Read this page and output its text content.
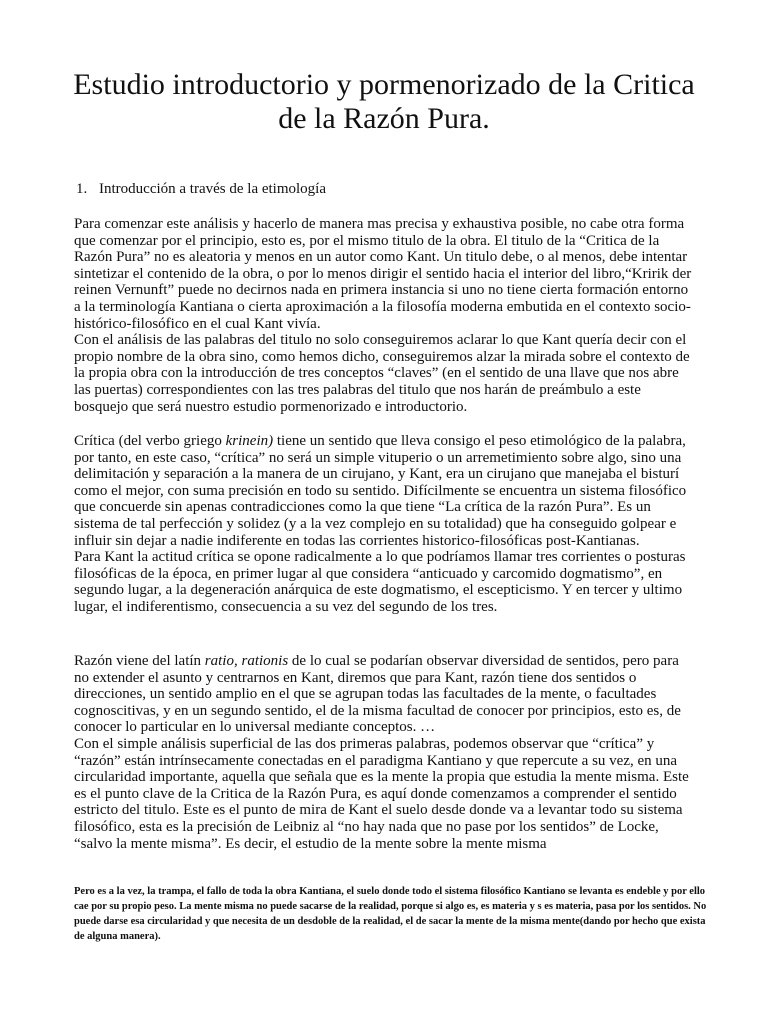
Estudio introductorio y pormenorizado de la Critica
de la Razón Pura.
1. Introducción a través de la etimología

Para comenzar este análisis y hacerlo de manera mas precisa y exhaustiva posible, no cabe otra forma que comenzar por el principio, esto es, por el mismo titulo de la obra. El titulo de la “Critica de la Razón Pura” no es aleatoria y menos en un autor como Kant. Un titulo debe, o al menos, debe intentar sintetizar el contenido de la obra, o por lo menos dirigir el sentido hacia el interior del libro,“Kririk der reinen Vernunft” puede no decirnos nada en primera instancia si uno no tiene cierta formación entorno a la terminología Kantiana o cierta aproximación a la filosofía moderna embutida en el contexto socio-histórico-filosófico en el cual Kant vivía.

Con el análisis de las palabras del titulo no solo conseguiremos aclarar lo que Kant quería decir con el propio nombre de la obra sino, como hemos dicho, conseguiremos alzar la mirada sobre el contexto de la propia obra con la introducción de tres conceptos “claves” (en el sentido de una llave que nos abre las puertas) correspondientes con las tres palabras del titulo que nos harán de preámbulo a este bosquejo que será nuestro estudio pormenorizado e introductorio.

Crítica (del verbo griego krinein) tiene un sentido que lleva consigo el peso etimológico de la palabra, por tanto, en este caso, “crítica” no será un simple vituperio o un arremetimiento sobre algo, sino una delimitación y separación a la manera de un cirujano, y Kant, era un cirujano que manejaba el bisturí como el mejor, con suma precisión en todo su sentido. Difícilmente se encuentra un sistema filosófico que concuerde sin apenas contradicciones como la que tiene “La crítica de la razón Pura”. Es un sistema de tal perfección y solidez (y a la vez complejo en su totalidad) que ha conseguido golpear e influir sin dejar a nadie indiferente en todas las corrientes historico-filosóficas post-Kantianas.

Para Kant la actitud crítica se opone radicalmente a lo que podríamos llamar tres corrientes o posturas filosóficas de la época, en primer lugar al que considera “anticuado y carcomido dogmatismo”, en segundo lugar, a la degeneración anárquica de este dogmatismo, el escepticismo. Y en tercer y ultimo lugar, el indiferentismo, consecuencia a su vez del segundo de los tres.

Razón viene del latín ratio, rationis de lo cual se podarían observar diversidad de sentidos, pero para no extender el asunto y centrarnos en Kant, diremos que para Kant, razón tiene dos sentidos o direcciones, un sentido amplio en el que se agrupan todas las facultades de la mente, o facultades cognoscitivas, y en un segundo sentido, el de la misma facultad de conocer por principios, esto es, de conocer lo particular en lo universal mediante conceptos. …

Con el simple análisis superficial de las dos primeras palabras, podemos observar que “crítica” y “razón” están intrínsecamente conectadas en el paradigma Kantiano y que repercute a su vez, en una circularidad importante, aquella que señala que es la mente la propia que estudia la mente misma. Este es el punto clave de la Critica de la Razón Pura, es aquí donde comenzamos a comprender el sentido estricto del titulo. Este es el punto de mira de Kant el suelo desde donde va a levantar todo su sistema filosófico, esta es la precisión de Leibniz al “no hay nada que no pase por los sentidos” de Locke, “salvo la mente misma”. Es decir, el estudio de la mente sobre la mente misma

Pero es a la vez, la trampa, el fallo de toda la obra Kantiana, el suelo donde todo el sistema filosófico Kantiano se levanta es endeble y por ello cae por su propio peso. La mente misma no puede sacarse de la realidad, porque si algo es, es materia y s es materia, pasa por los sentidos. No puede darse esa circularidad y que necesita de un desdoble de la realidad, el de sacar la mente de la misma mente(dando por hecho que exista de alguna manera).
